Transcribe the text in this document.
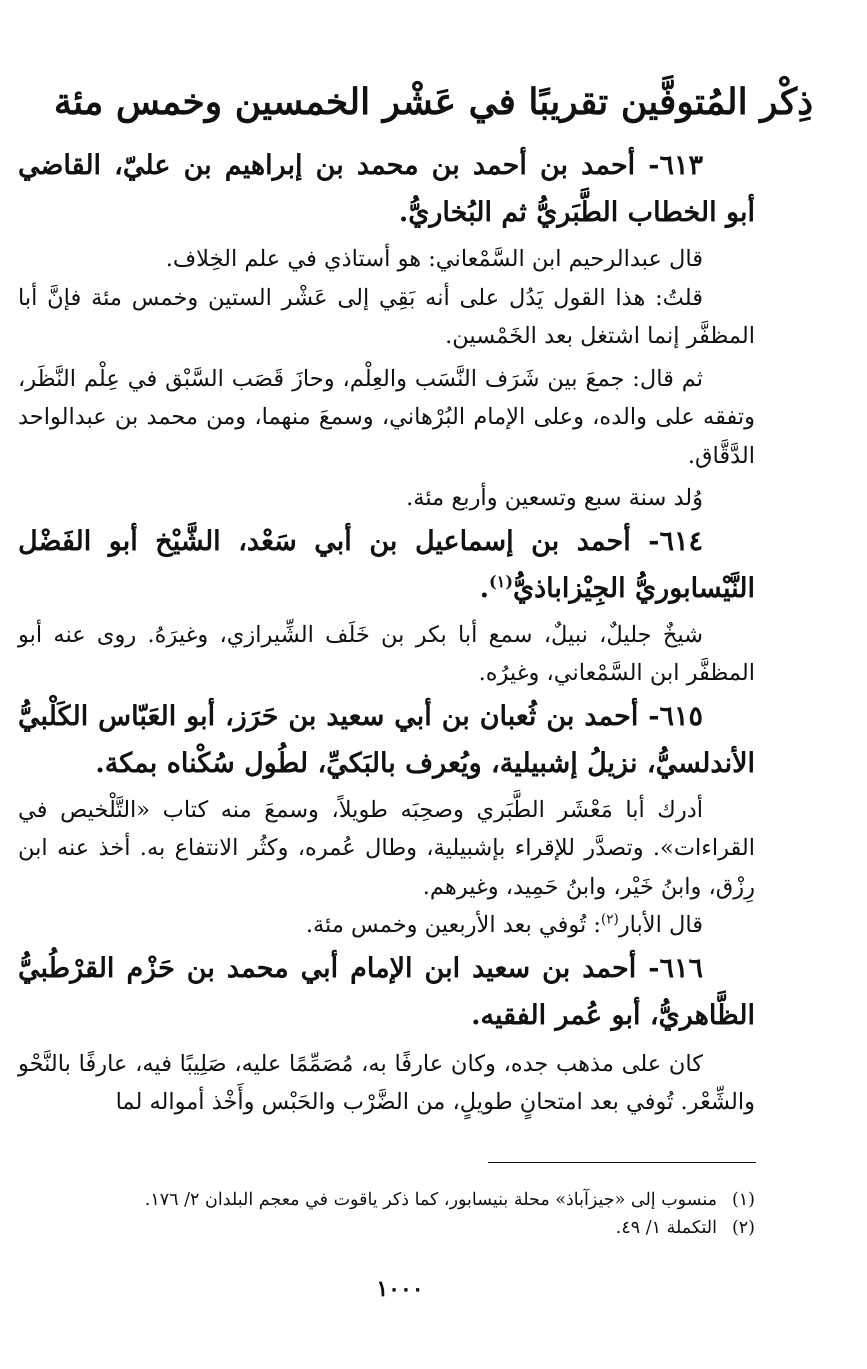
ذِكْر المُتوفَّين تقريبًا في عَشْر الخمسين وخمس مئة

٦١٣- أحمد بن أحمد بن محمد بن إبراهيم بن عليّ، القاضي أبو الخطاب الطَّبَريُّ ثم البُخاريُّ.

قال عبدالرحيم ابن السَّمْعاني: هو أستاذي في علم الخِلاف.

قلتُ: هذا القول يَدُل على أنه بَقِي إلى عَشْر الستين وخمس مئة فإنَّ أبا المظفَّر إنما اشتغل بعد الخَمْسين.

ثم قال: جمعَ بين شَرَف النَّسَب والعِلْم، وحازَ قَصَب السَّبْق في عِلْم النَّظَر، وتفقه على والده، وعلى الإمام البُرْهاني، وسمعَ منهما، ومن محمد بن عبدالواحد الدَّقَّاق.

وُلد سنة سبع وتسعين وأربع مئة.

٦١٤- أحمد بن إسماعيل بن أبي سَعْد، الشَّيْخ أبو الفَضْل النَّيْسابوريُّ الجِيْزاباذيُّ$^{(١)}$.

شيخٌ جليلٌ، نبيلٌ، سمع أبا بكر بن خَلَف الشِّيرازي، وغيرَهُ. روى عنه أبو المظفَّر ابن السَّمْعاني، وغيرُه.

٦١٥- أحمد بن ثُعبان بن أبي سعيد بن حَرَز، أبو العَبّاس الكَلْبيُّ الأندلسيُّ، نزيلُ إشبيلية، ويُعرف بالبَكيِّ، لطُول سُكْناه بمكة.

أدرك أبا مَعْشَر الطَّبَري وصحِبَه طويلاً، وسمعَ منه كتاب «التَّلْخيص في القراءات». وتصدَّر للإقراء بإشبيلية، وطال عُمره، وكثُر الانتفاع به. أخذ عنه ابن رِزْق، وابنُ خَيْر، وابنُ حَمِيد، وغيرهم.

قال الأبار$^{(٢)}$: تُوفي بعد الأربعين وخمس مئة.

٦١٦- أحمد بن سعيد ابن الإمام أبي محمد بن حَزْم القرْطُبيُّ الظَّاهريُّ، أبو عُمر الفقيه.

كان على مذهب جده، وكان عارفًا به، مُصَمِّمًا عليه، صَلِيبًا فيه، عارفًا بالنَّحْو والشِّعْر. تُوفي بعد امتحانٍ طويلٍ، من الضَّرْب والحَبْس وأَخْذ أمواله لما

(١)منسوب إلى «جيزآباذ» محلة بنيسابور، كما ذكر ياقوت في معجم البلدان ٢/ ١٧٦.

(٢)التكملة ١/ ٤٩.

١٠٠٠
